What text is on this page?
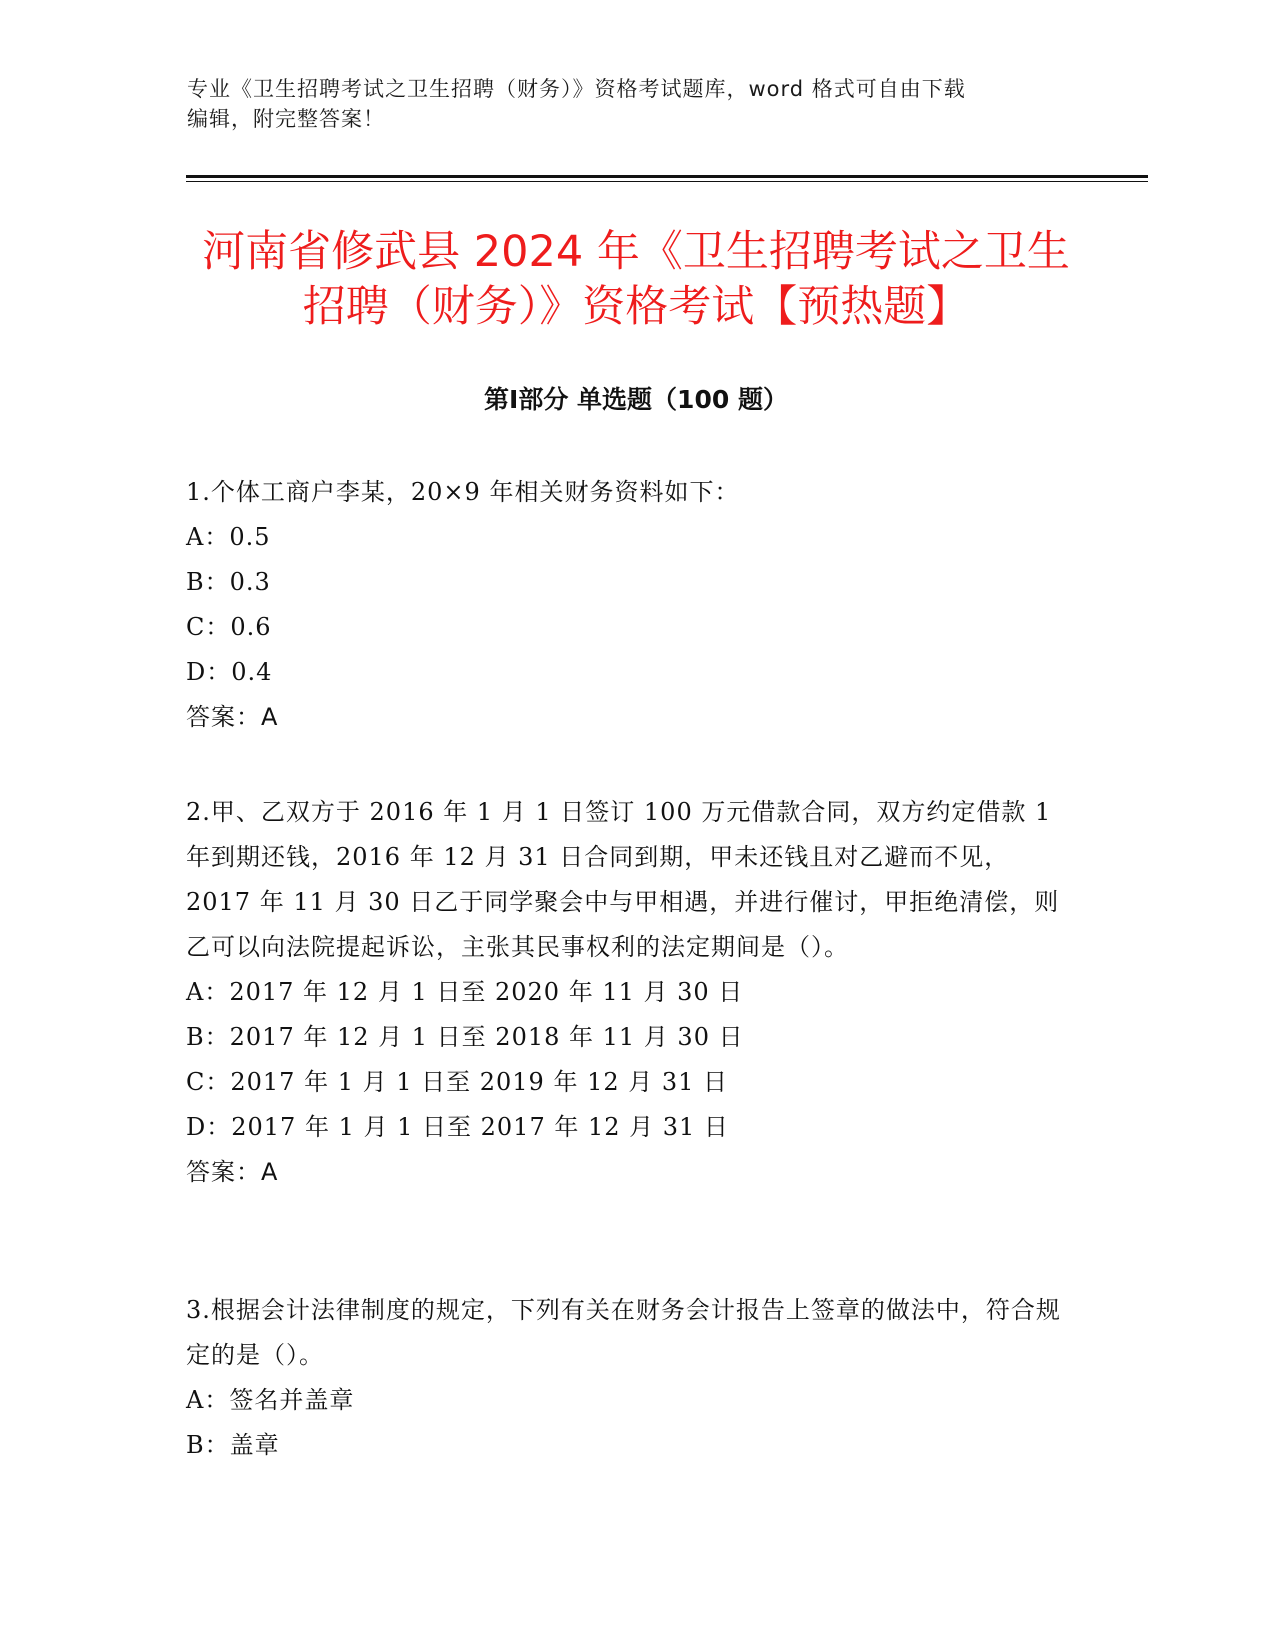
专业《卫生招聘考试之卫生招聘（财务）》资格考试题库，word 格式可自由下载
编辑，附完整答案！
河南省修武县 2024 年《卫生招聘考试之卫生
招聘（财务）》资格考试【预热题】
第Ⅰ部分 单选题（100 题）

1.个体工商户李某，20×9 年相关财务资料如下：

A：0.5

B：0.3

C：0.6

D：0.4

答案：A

2.甲、乙双方于 2016 年 1 月 1 日签订 100 万元借款合同，双方约定借款 1 年到期还钱，2016 年 12 月 31 日合同到期，甲未还钱且对乙避而不见，2017 年 11 月 30 日乙于同学聚会中与甲相遇，并进行催讨，甲拒绝清偿，则乙可以向法院提起诉讼，主张其民事权利的法定期间是（）。

A：2017 年 12 月 1 日至 2020 年 11 月 30 日

B：2017 年 12 月 1 日至 2018 年 11 月 30 日

C：2017 年 1 月 1 日至 2019 年 12 月 31 日

D：2017 年 1 月 1 日至 2017 年 12 月 31 日

答案：A

3.根据会计法律制度的规定，下列有关在财务会计报告上签章的做法中，符合规定的是（）。

A：签名并盖章

B：盖章
